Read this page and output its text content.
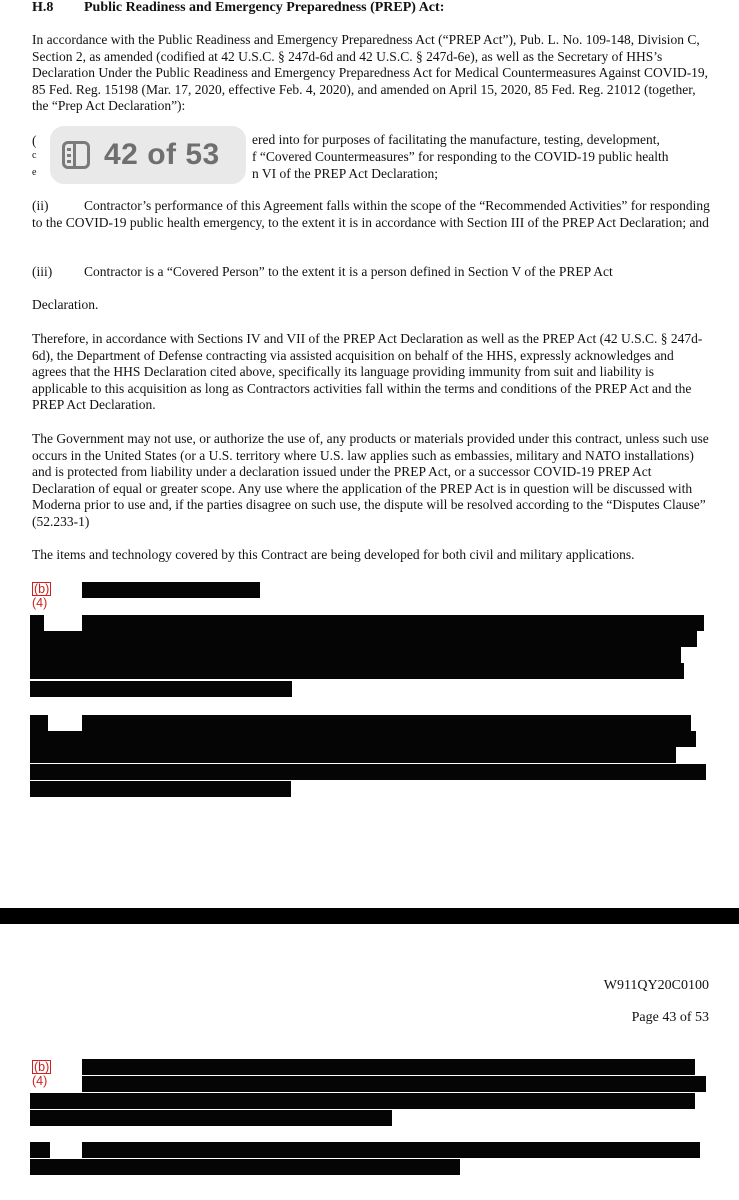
H.8 Public Readiness and Emergency Preparedness (PREP) Act:

In accordance with the Public Readiness and Emergency Preparedness Act (“PREP Act”), Pub. L. No. 109-148, Division C, Section 2, as amended (codified at 42 U.S.C. § 247d-6d and 42 U.S.C. § 247d-6e), as well as the Secretary of HHS’s Declaration Under the Public Readiness and Emergency Preparedness Act for Medical Countermeasures Against COVID-19, 85 Fed. Reg. 15198 (Mar. 17, 2020, effective Feb. 4, 2020), and amended on April 15, 2020, 85 Fed. Reg. 21012 (together, the “Prep Act Declaration”):

(
c
e
ered into for purposes of facilitating the manufacture, testing, development,
f “Covered Countermeasures” for responding to the COVID-19 public health
n VI of the PREP Act Declaration;
42 of 53

(ii)	Contractor’s performance of this Agreement falls within the scope of the “Recommended Activities” for responding to the COVID-19 public health emergency, to the extent it is in accordance with Section III of the PREP Act Declaration; and

(iii) Contractor is a “Covered Person” to the extent it is a person defined in Section V of the PREP Act

Declaration.

Therefore, in accordance with Sections IV and VII of the PREP Act Declaration as well as the PREP Act (42 U.S.C. § 247d-6d), the Department of Defense contracting via assisted acquisition on behalf of the HHS, expressly acknowledges and agrees that the HHS Declaration cited above, specifically its language providing immunity from suit and liability is applicable to this acquisition as long as Contractors activities fall within the terms and conditions of the PREP Act and the PREP Act Declaration.

The Government may not use, or authorize the use of, any products or materials provided under this contract, unless such use occurs in the United States (or a U.S. territory where U.S. law applies such as embassies, military and NATO installations) and is protected from liability under a declaration issued under the PREP Act, or a successor COVID-19 PREP Act Declaration of equal or greater scope. Any use where the application of the PREP Act is in question will be discussed with Moderna prior to use and, if the parties disagree on such use, the dispute will be resolved according to the “Disputes Clause” (52.233-1)

The items and technology covered by this Contract are being developed for both civil and military applications.

(b)
(4)
W911QY20C0100
Page 43 of 53
(b)
(4)
